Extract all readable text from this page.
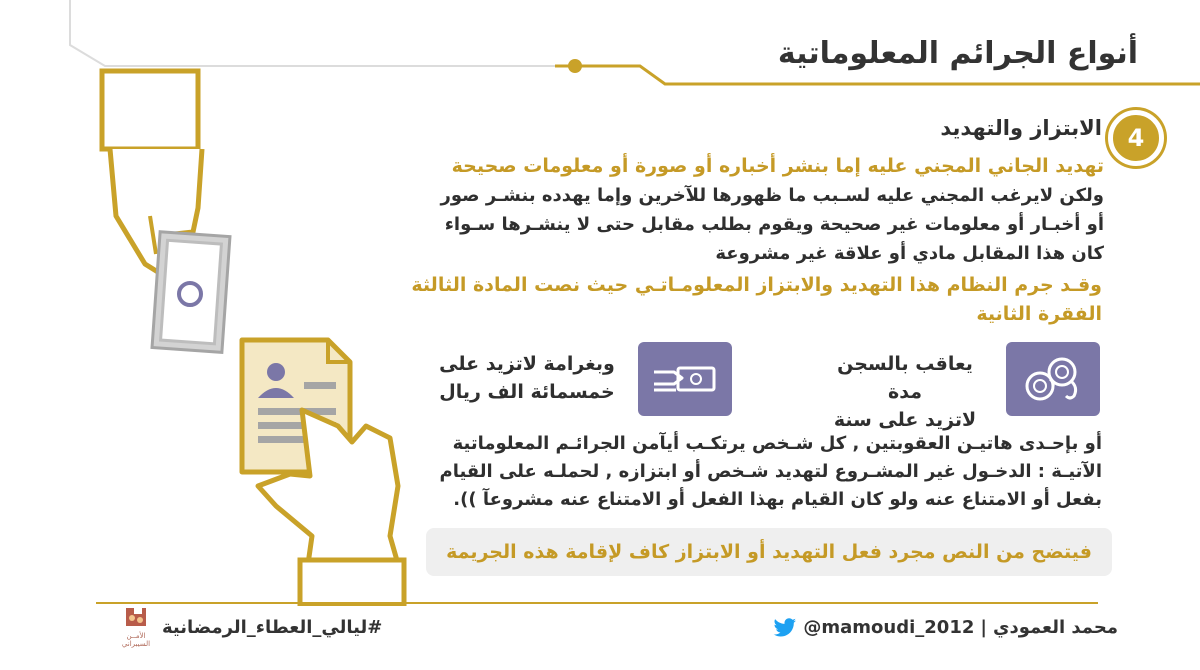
أنواع الجرائم المعلوماتية
4
الابتزاز والتهديد
تهديد الجاني المجني عليه إما بنشر أخباره أو صورة أو معلومات صحيحة
ولكن لايرغب المجني عليه لسـبب ما ظهورها للآخرين وإما يهدده بنشـر صور
أو أخبـار أو معلومات غير صحيحة ويقوم بطلب مقابل حتى لا ينشـرها سـواء
كان هذا المقابل مادي أو علاقة غير مشروعة
وقـد جرم النظام هذا التهديد والابتزاز المعلومـاتـي حيث نصت المادة الثالثة
الفقرة الثانية
يعاقب بالسجن مدة
لاتزيد على سنة
وبغرامة لاتزيد على
خمسمائة الف ريال
أو بإحـدى هاتيـن العقوبتين , كل شـخص يرتكـب أيآمن الجرائـم المعلوماتية
الآتيـة : الدخـول غير المشـروع لتهديد شـخص أو ابتزازه , لحملـه على القيام
بفعل أو الامتناع عنه ولو كان القيام بهذا الفعل أو الامتناع عنه مشروعآ )).
فيتضح من النص مجرد فعل التهديد أو الابتزاز كاف لإقامة هذه الجريمة
محمد العمودي
|
@mamoudi_2012
#ليالي_العطاء_الرمضانية
الأمــن
السيبراني
